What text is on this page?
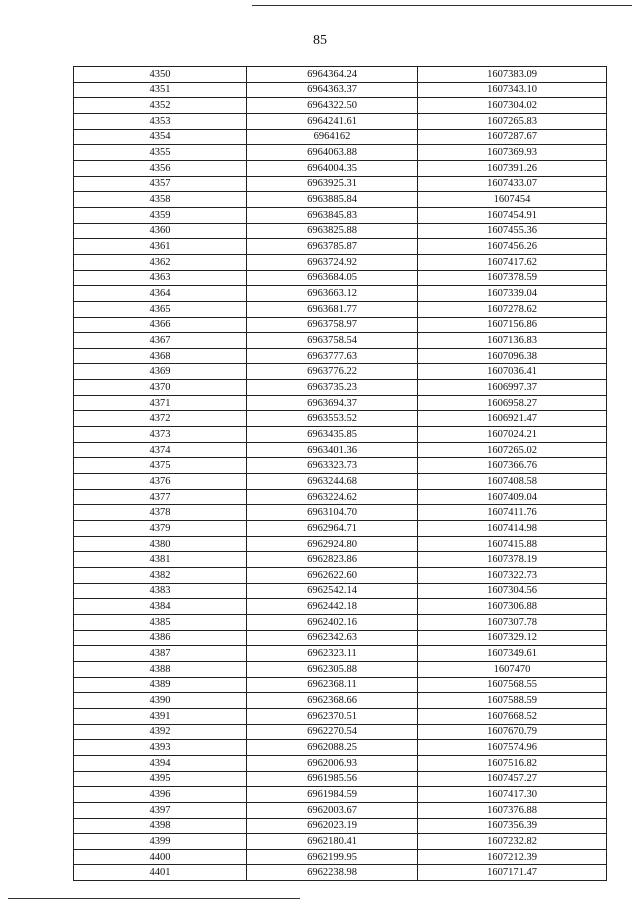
85
4350	6964364.24	1607383.09
4351	6964363.37	1607343.10
4352	6964322.50	1607304.02
4353	6964241.61	1607265.83
4354	6964162	1607287.67
4355	6964063.88	1607369.93
4356	6964004.35	1607391.26
4357	6963925.31	1607433.07
4358	6963885.84	1607454
4359	6963845.83	1607454.91
4360	6963825.88	1607455.36
4361	6963785.87	1607456.26
4362	6963724.92	1607417.62
4363	6963684.05	1607378.59
4364	6963663.12	1607339.04
4365	6963681.77	1607278.62
4366	6963758.97	1607156.86
4367	6963758.54	1607136.83
4368	6963777.63	1607096.38
4369	6963776.22	1607036.41
4370	6963735.23	1606997.37
4371	6963694.37	1606958.27
4372	6963553.52	1606921.47
4373	6963435.85	1607024.21
4374	6963401.36	1607265.02
4375	6963323.73	1607366.76
4376	6963244.68	1607408.58
4377	6963224.62	1607409.04
4378	6963104.70	1607411.76
4379	6962964.71	1607414.98
4380	6962924.80	1607415.88
4381	6962823.86	1607378.19
4382	6962622.60	1607322.73
4383	6962542.14	1607304.56
4384	6962442.18	1607306.88
4385	6962402.16	1607307.78
4386	6962342.63	1607329.12
4387	6962323.11	1607349.61
4388	6962305.88	1607470
4389	6962368.11	1607568.55
4390	6962368.66	1607588.59
4391	6962370.51	1607668.52
4392	6962270.54	1607670.79
4393	6962088.25	1607574.96
4394	6962006.93	1607516.82
4395	6961985.56	1607457.27
4396	6961984.59	1607417.30
4397	6962003.67	1607376.88
4398	6962023.19	1607356.39
4399	6962180.41	1607232.82
4400	6962199.95	1607212.39
4401	6962238.98	1607171.47
